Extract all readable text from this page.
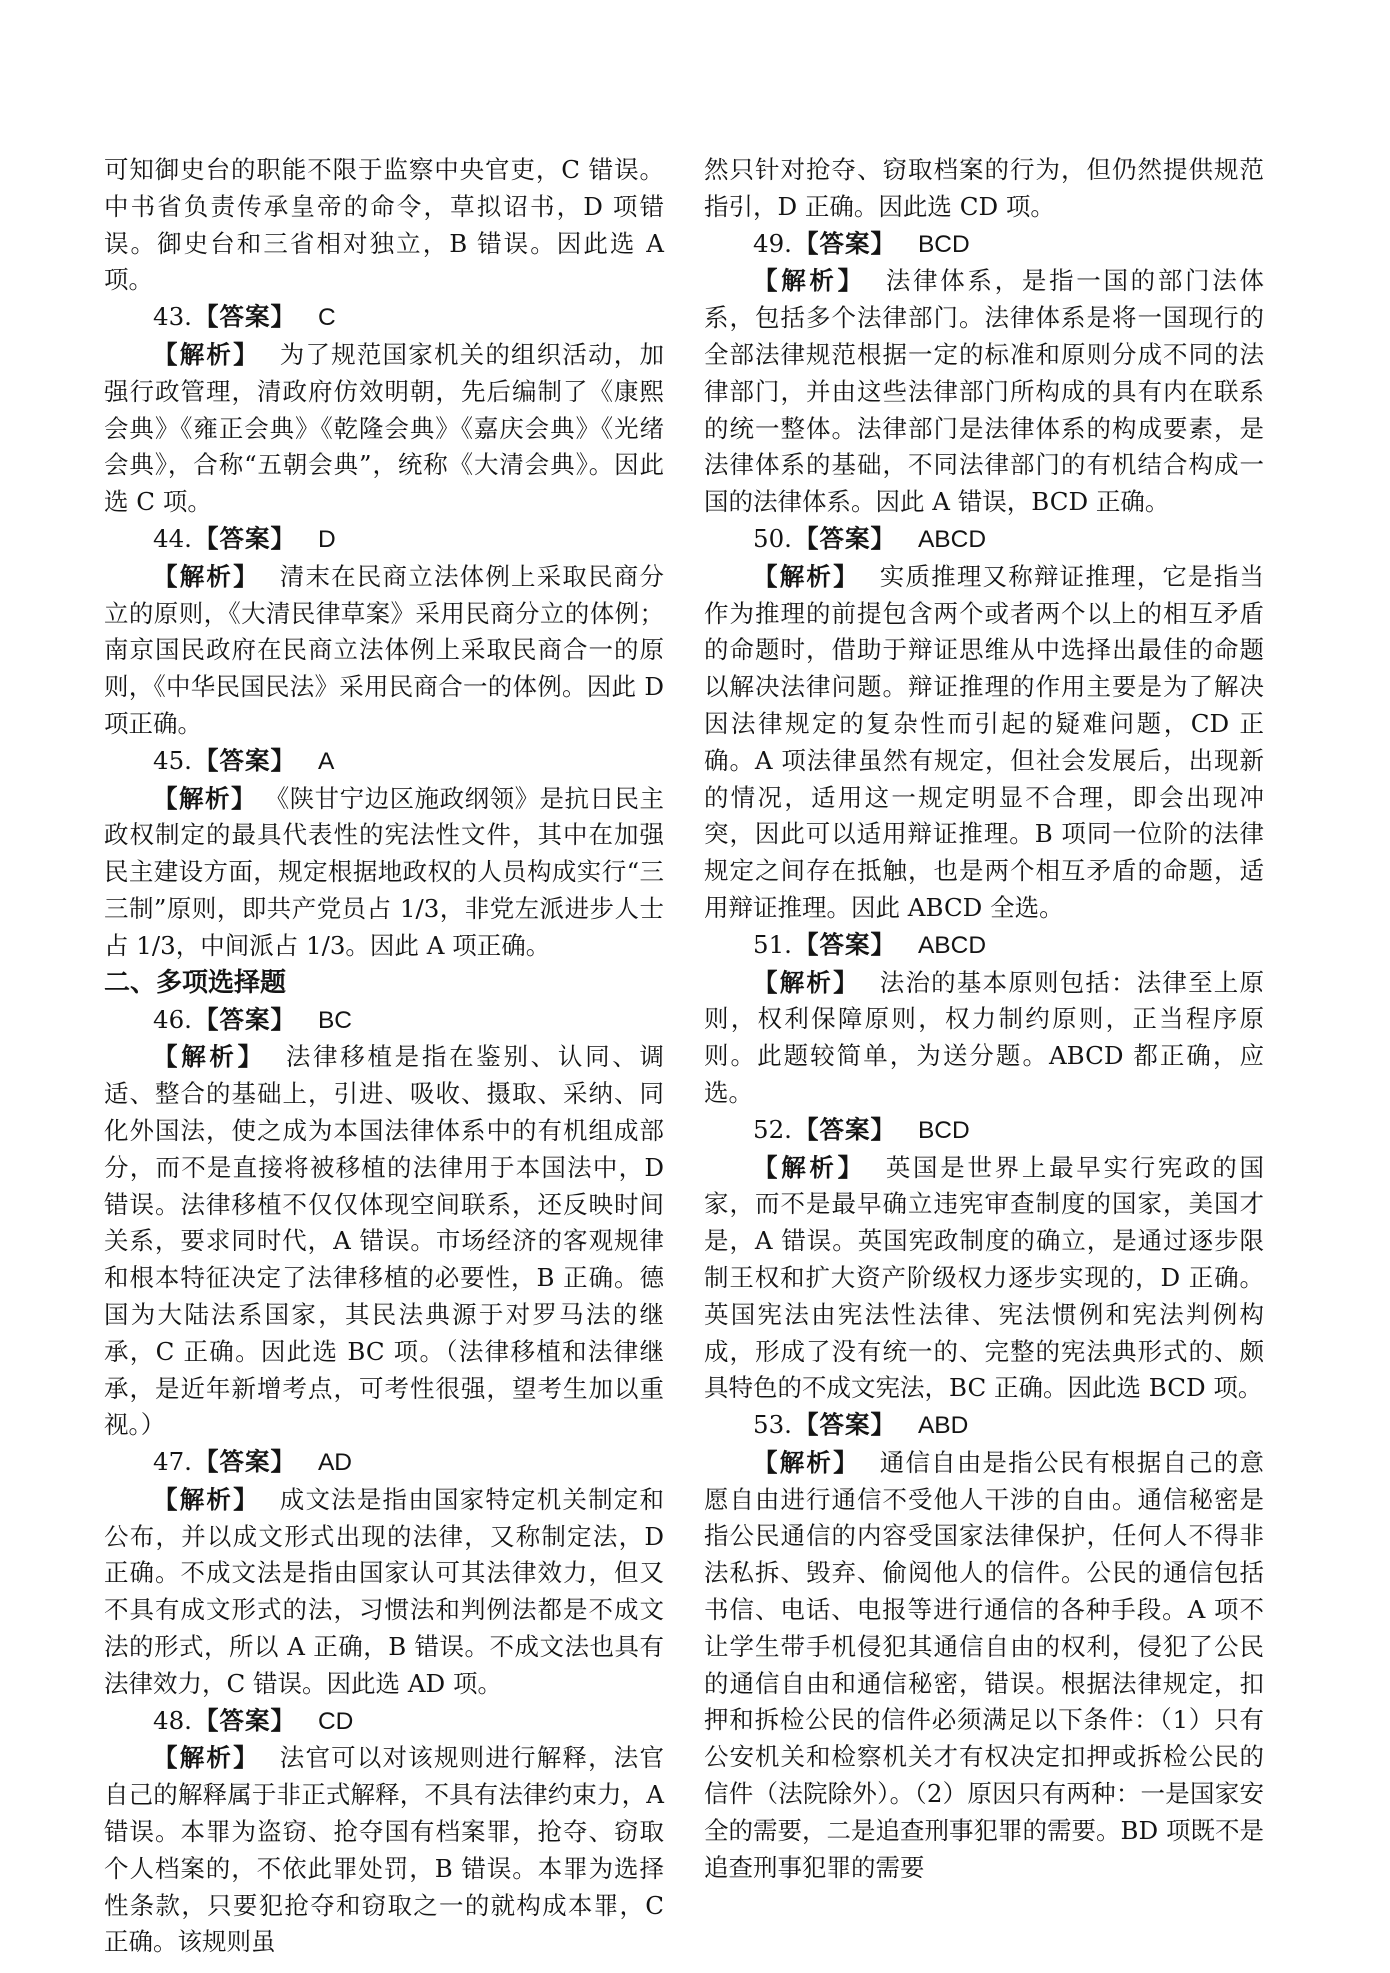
可知御史台的职能不限于监察中央官吏，C 错误。中书省负责传承皇帝的命令，草拟诏书，D 项错误。御史台和三省相对独立，B 错误。因此选 A 项。

43.【答案】 C

【解析】 为了规范国家机关的组织活动，加强行政管理，清政府仿效明朝，先后编制了《康熙会典》《雍正会典》《乾隆会典》《嘉庆会典》《光绪会典》，合称“五朝会典”，统称《大清会典》。因此选 C 项。

44.【答案】 D

【解析】 清末在民商立法体例上采取民商分立的原则，《大清民律草案》采用民商分立的体例；南京国民政府在民商立法体例上采取民商合一的原则，《中华民国民法》采用民商合一的体例。因此 D 项正确。

45.【答案】 A

【解析】 《陕甘宁边区施政纲领》是抗日民主政权制定的最具代表性的宪法性文件，其中在加强民主建设方面，规定根据地政权的人员构成实行“三三制”原则，即共产党员占 1/3，非党左派进步人士占 1/3，中间派占 1/3。因此 A 项正确。

二、多项选择题

46.【答案】 BC

【解析】 法律移植是指在鉴别、认同、调适、整合的基础上，引进、吸收、摄取、采纳、同化外国法，使之成为本国法律体系中的有机组成部分，而不是直接将被移植的法律用于本国法中，D 错误。法律移植不仅仅体现空间联系，还反映时间关系，要求同时代，A 错误。市场经济的客观规律和根本特征决定了法律移植的必要性，B 正确。德国为大陆法系国家，其民法典源于对罗马法的继承，C 正确。因此选 BC 项。（法律移植和法律继承，是近年新增考点，可考性很强，望考生加以重视。）

47.【答案】 AD

【解析】 成文法是指由国家特定机关制定和公布，并以成文形式出现的法律，又称制定法，D 正确。不成文法是指由国家认可其法律效力，但又不具有成文形式的法，习惯法和判例法都是不成文法的形式，所以 A 正确，B 错误。不成文法也具有法律效力，C 错误。因此选 AD 项。

48.【答案】 CD

【解析】 法官可以对该规则进行解释，法官自己的解释属于非正式解释，不具有法律约束力，A 错误。本罪为盗窃、抢夺国有档案罪，抢夺、窃取个人档案的，不依此罪处罚，B 错误。本罪为选择性条款，只要犯抢夺和窃取之一的就构成本罪，C 正确。该规则虽

然只针对抢夺、窃取档案的行为，但仍然提供规范指引，D 正确。因此选 CD 项。

49.【答案】 BCD

【解析】 法律体系，是指一国的部门法体系，包括多个法律部门。法律体系是将一国现行的全部法律规范根据一定的标准和原则分成不同的法律部门，并由这些法律部门所构成的具有内在联系的统一整体。法律部门是法律体系的构成要素，是法律体系的基础，不同法律部门的有机结合构成一国的法律体系。因此 A 错误，BCD 正确。

50.【答案】 ABCD

【解析】 实质推理又称辩证推理，它是指当作为推理的前提包含两个或者两个以上的相互矛盾的命题时，借助于辩证思维从中选择出最佳的命题以解决法律问题。辩证推理的作用主要是为了解决因法律规定的复杂性而引起的疑难问题，CD 正确。A 项法律虽然有规定，但社会发展后，出现新的情况，适用这一规定明显不合理，即会出现冲突，因此可以适用辩证推理。B 项同一位阶的法律规定之间存在抵触，也是两个相互矛盾的命题，适用辩证推理。因此 ABCD 全选。

51.【答案】 ABCD

【解析】 法治的基本原则包括：法律至上原则，权利保障原则，权力制约原则，正当程序原则。此题较简单，为送分题。ABCD 都正确，应选。

52.【答案】 BCD

【解析】 英国是世界上最早实行宪政的国家，而不是最早确立违宪审查制度的国家，美国才是，A 错误。英国宪政制度的确立，是通过逐步限制王权和扩大资产阶级权力逐步实现的，D 正确。英国宪法由宪法性法律、宪法惯例和宪法判例构成，形成了没有统一的、完整的宪法典形式的、颇具特色的不成文宪法，BC 正确。因此选 BCD 项。

53.【答案】 ABD

【解析】 通信自由是指公民有根据自己的意愿自由进行通信不受他人干涉的自由。通信秘密是指公民通信的内容受国家法律保护，任何人不得非法私拆、毁弃、偷阅他人的信件。公民的通信包括书信、电话、电报等进行通信的各种手段。A 项不让学生带手机侵犯其通信自由的权利，侵犯了公民的通信自由和通信秘密，错误。根据法律规定，扣押和拆检公民的信件必须满足以下条件：（1）只有公安机关和检察机关才有权决定扣押或拆检公民的信件（法院除外）。（2）原因只有两种：一是国家安全的需要，二是追查刑事犯罪的需要。BD 项既不是追查刑事犯罪的需要
